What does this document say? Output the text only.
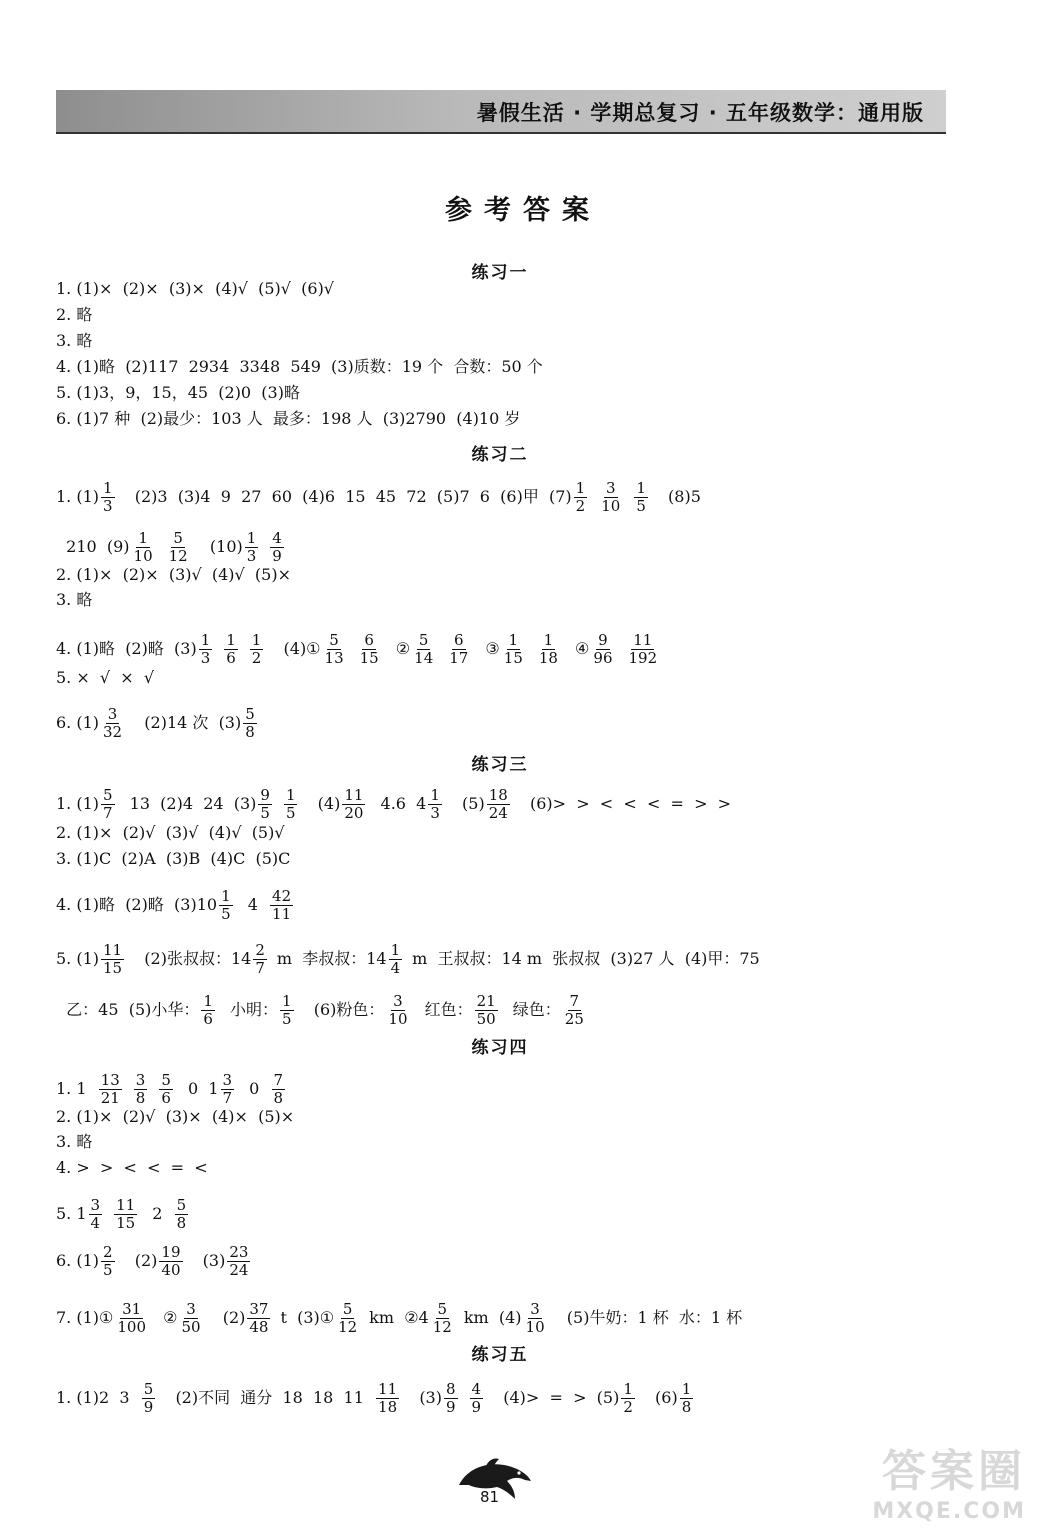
暑假生活 · 学期总复习 · 五年级数学：通用版
参考答案
练习一
1. (1)×  (2)×  (3)×  (4)√  (5)√  (6)√
2. 略
3. 略
4. (1)略  (2)117  2934  3348  549  (3)质数：19 个  合数：50 个
5. (1)3，9，15，45  (2)0  (3)略
6. (1)7 种  (2)最少：103 人  最多：198 人  (3)2790  (4)10 岁
练习二
1. $(1) \frac{1}{3} (2)3$  (3)4  9  27  60  (4)6  15  45  72  (5)7  6  (6)甲  $(7) \frac{1}{2} \frac{3}{10} \frac{1}{5} (8)5$
210  $(9) \frac{1}{10} \frac{5}{12} (10) \frac{1}{3} \frac{4}{9}$
2. (1)×  (2)×  (3)√  (4)√  (5)×
3. 略
4. (1)略  (2)略  $(3) \frac{1}{3} \frac{1}{6} \frac{1}{2}$ (4)① $\frac{5}{13} \frac{6}{15}$ ② $\frac{5}{14} \frac{6}{17}$ ③ $\frac{1}{15} \frac{1}{18}$ ④ $\frac{9}{96} \frac{11}{192}$
5. ×  √  ×  √
6. $(1) \frac{3}{32} (2)14$ 次  $(3) \frac{5}{8}$
练习三
1. $(1) \frac{5}{7} 13$  (2)4  24  $(3) \frac{9}{5} \frac{1}{5} (4) \frac{11}{20} 4.6$  $4 \frac{1}{3} (5) \frac{18}{24} (6)>$  >  <  <  <  =  >  >
2. (1)×  (2)√  (3)√  (4)√  (5)√
3. (1)C  (2)A  (3)B  (4)C  (5)C
4. (1)略  (2)略  $(3)10 \frac{1}{5} 4 \frac{42}{11}$
5. $(1) \frac{11}{15} (2)$张叔叔：$14 \frac{2}{7}$ m  李叔叔：$14 \frac{1}{4}$ m  王叔叔：14 m  张叔叔  (3)27 人  (4)甲：75
乙：45  (5)小华： $\frac{1}{6}$ 小明： $\frac{1}{5} (6)$粉色： $\frac{3}{10}$ 红色： $\frac{21}{50}$ 绿色： $\frac{7}{25}$
练习四
1. $1 \frac{13}{21} \frac{3}{8} \frac{5}{6} 0$  $1 \frac{3}{7} 0 \frac{7}{8}$
2. (1)×  (2)√  (3)×  (4)×  (5)×
3. 略
4. >  >  <  <  =  <
5. $1 \frac{3}{4} \frac{11}{15} 2 \frac{5}{8}$
6. $(1) \frac{2}{5} (2) \frac{19}{40} (3) \frac{23}{24}$
7. (1)① $\frac{31}{100}$ ② $\frac{3}{50} (2) \frac{37}{48}$ t  (3)① $\frac{5}{12}$ km  ②4 $\frac{5}{12}$ km  $(4) \frac{3}{10} (5)$牛奶：1 杯  水：1 杯
练习五
1. (1)2  $3 \frac{5}{9} (2)$不同  通分  18  18  $11 \frac{11}{18} (3) \frac{8}{9} \frac{4}{9} (4)>$  =  >  $(5) \frac{1}{2} (6) \frac{1}{8}$
81	答案圈
MXQE.COM
